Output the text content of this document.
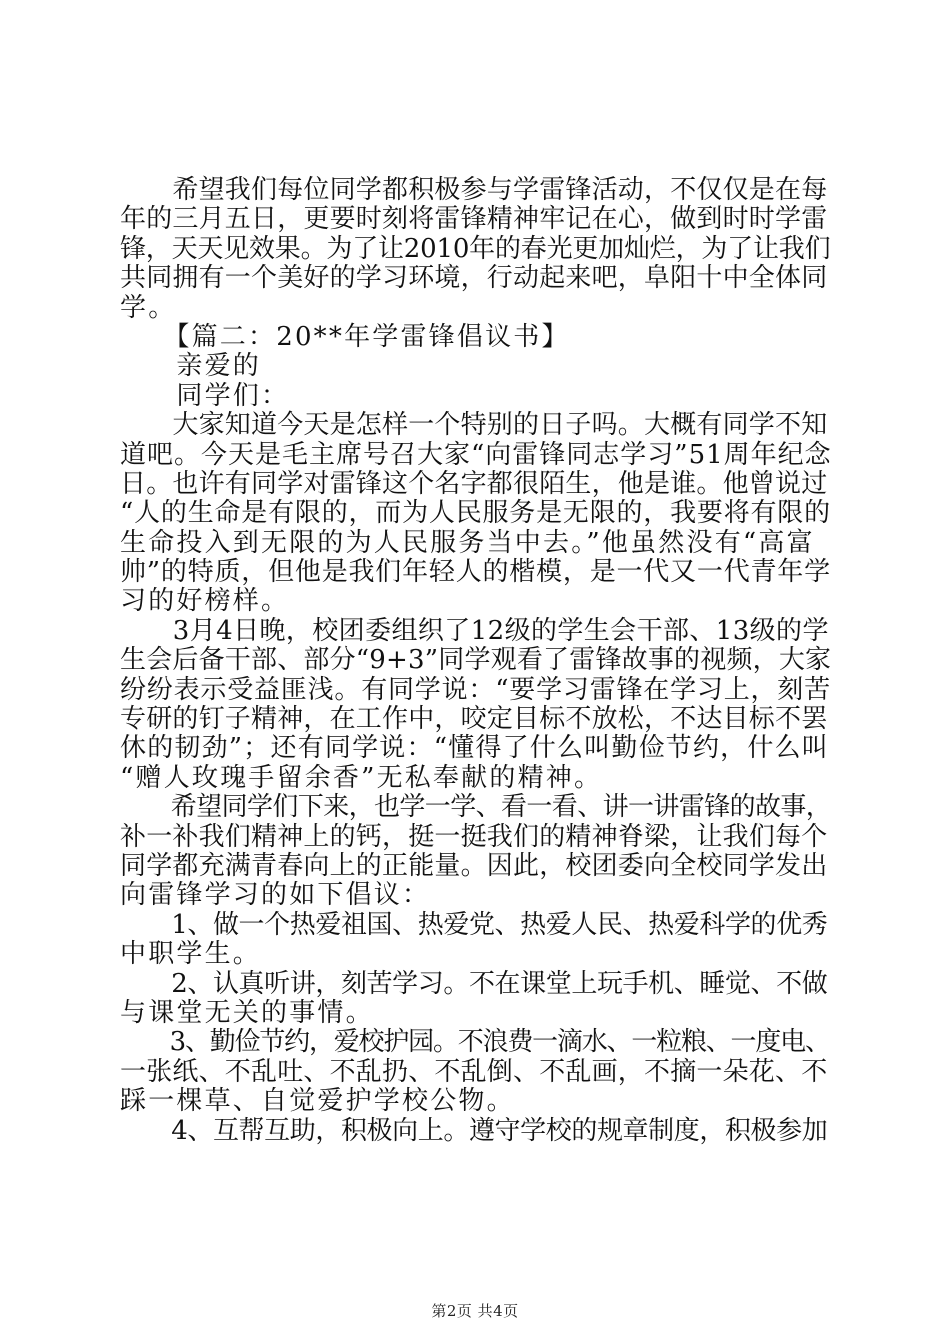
　　希望我们每位同学都积极参与学雷锋活动，不仅仅是在每
年的三月五日，更要时刻将雷锋精神牢记在心，做到时时学雷
锋，天天见效果。为了让2010年的春光更加灿烂，为了让我们
共同拥有一个美好的学习环境，行动起来吧，阜阳十中全体同
学。
　　【篇二：20**年学雷锋倡议书】
　　亲爱的
　　同学们：
　　大家知道今天是怎样一个特别的日子吗。大概有同学不知
道吧。今天是毛主席号召大家“向雷锋同志学习”51周年纪念
日。也许有同学对雷锋这个名字都很陌生，他是谁。他曾说过
“人的生命是有限的，而为人民服务是无限的，我要将有限的
生命投入到无限的为人民服务当中去。”他虽然没有“高富
帅”的特质，但他是我们年轻人的楷模，是一代又一代青年学
习的好榜样。
　　3月4日晚，校团委组织了12级的学生会干部、13级的学
生会后备干部、部分“9+3”同学观看了雷锋故事的视频，大家
纷纷表示受益匪浅。有同学说：“要学习雷锋在学习上，刻苦
专研的钉子精神，在工作中，咬定目标不放松，不达目标不罢
休的韧劲”；还有同学说：“懂得了什么叫勤俭节约，什么叫
“赠人玫瑰手留余香”无私奉献的精神。
　　希望同学们下来，也学一学、看一看、讲一讲雷锋的故事，
补一补我们精神上的钙，挺一挺我们的精神脊梁，让我们每个
同学都充满青春向上的正能量。因此，校团委向全校同学发出
向雷锋学习的如下倡议：
　　1、做一个热爱祖国、热爱党、热爱人民、热爱科学的优秀
中职学生。
　　2、认真听讲，刻苦学习。不在课堂上玩手机、睡觉、不做
与课堂无关的事情。
　　3、勤俭节约，爱校护园。不浪费一滴水、一粒粮、一度电、
一张纸、不乱吐、不乱扔、不乱倒、不乱画，不摘一朵花、不
踩一棵草、自觉爱护学校公物。
　　4、互帮互助，积极向上。遵守学校的规章制度，积极参加
第2页 共4页
